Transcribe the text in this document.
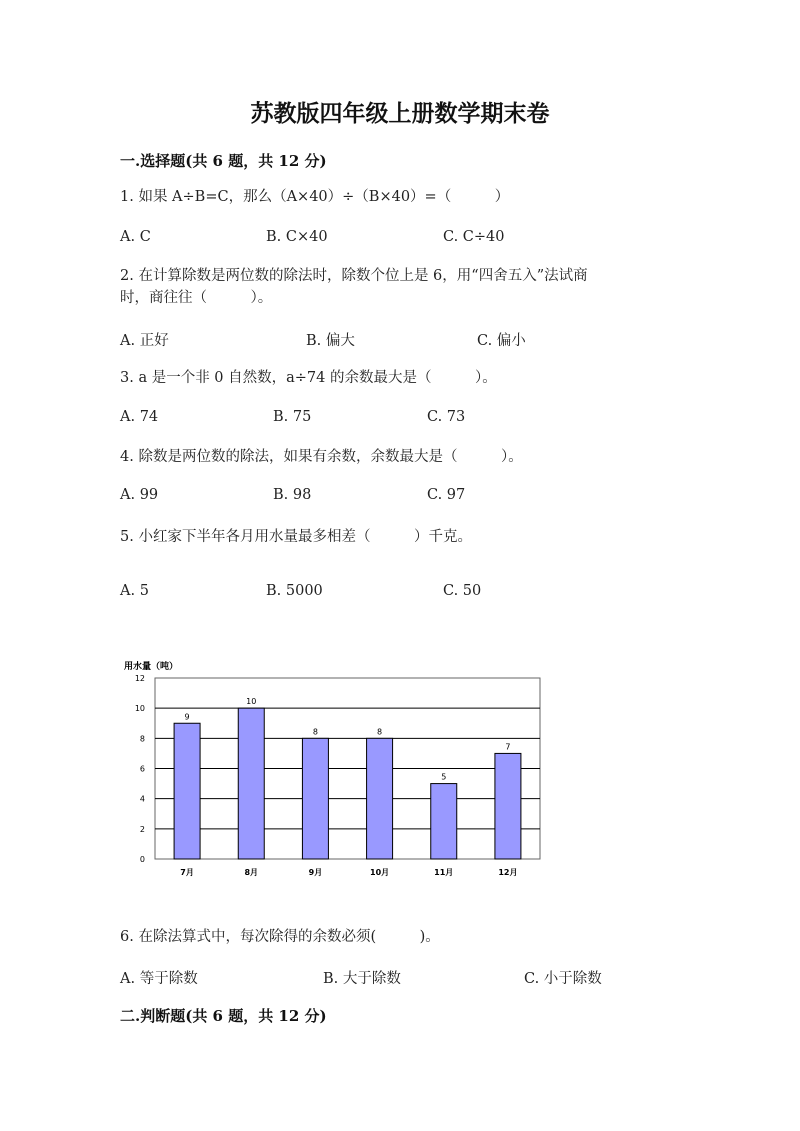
苏教版四年级上册数学期末卷
一.选择题(共 6 题，共 12 分)
1. 如果 A÷B=C，那么（A×40）÷（B×40）=（　　　）
A. C	B. C×40	C. C÷40
2. 在计算除数是两位数的除法时，除数个位上是 6，用“四舍五入”法试商
时，商往往（　　　）。
A. 正好	B. 偏大	C. 偏小
3. a 是一个非 0 自然数，a÷74 的余数最大是（　　　）。
A. 74	B. 75	C. 73
4. 除数是两位数的除法，如果有余数，余数最大是（　　　）。
A. 99	B. 98	C. 97
5. 小红家下半年各月用水量最多相差（　　　）千克。
A. 5	B. 5000	C. 50
用水量（吨）
0
2
4
6
8
10
12
9
7月
10
8月
8
9月
8
10月
5
11月
7
12月
6. 在除法算式中，每次除得的余数必须(　　　)。
A. 等于除数	B. 大于除数	C. 小于除数
二.判断题(共 6 题，共 12 分)
